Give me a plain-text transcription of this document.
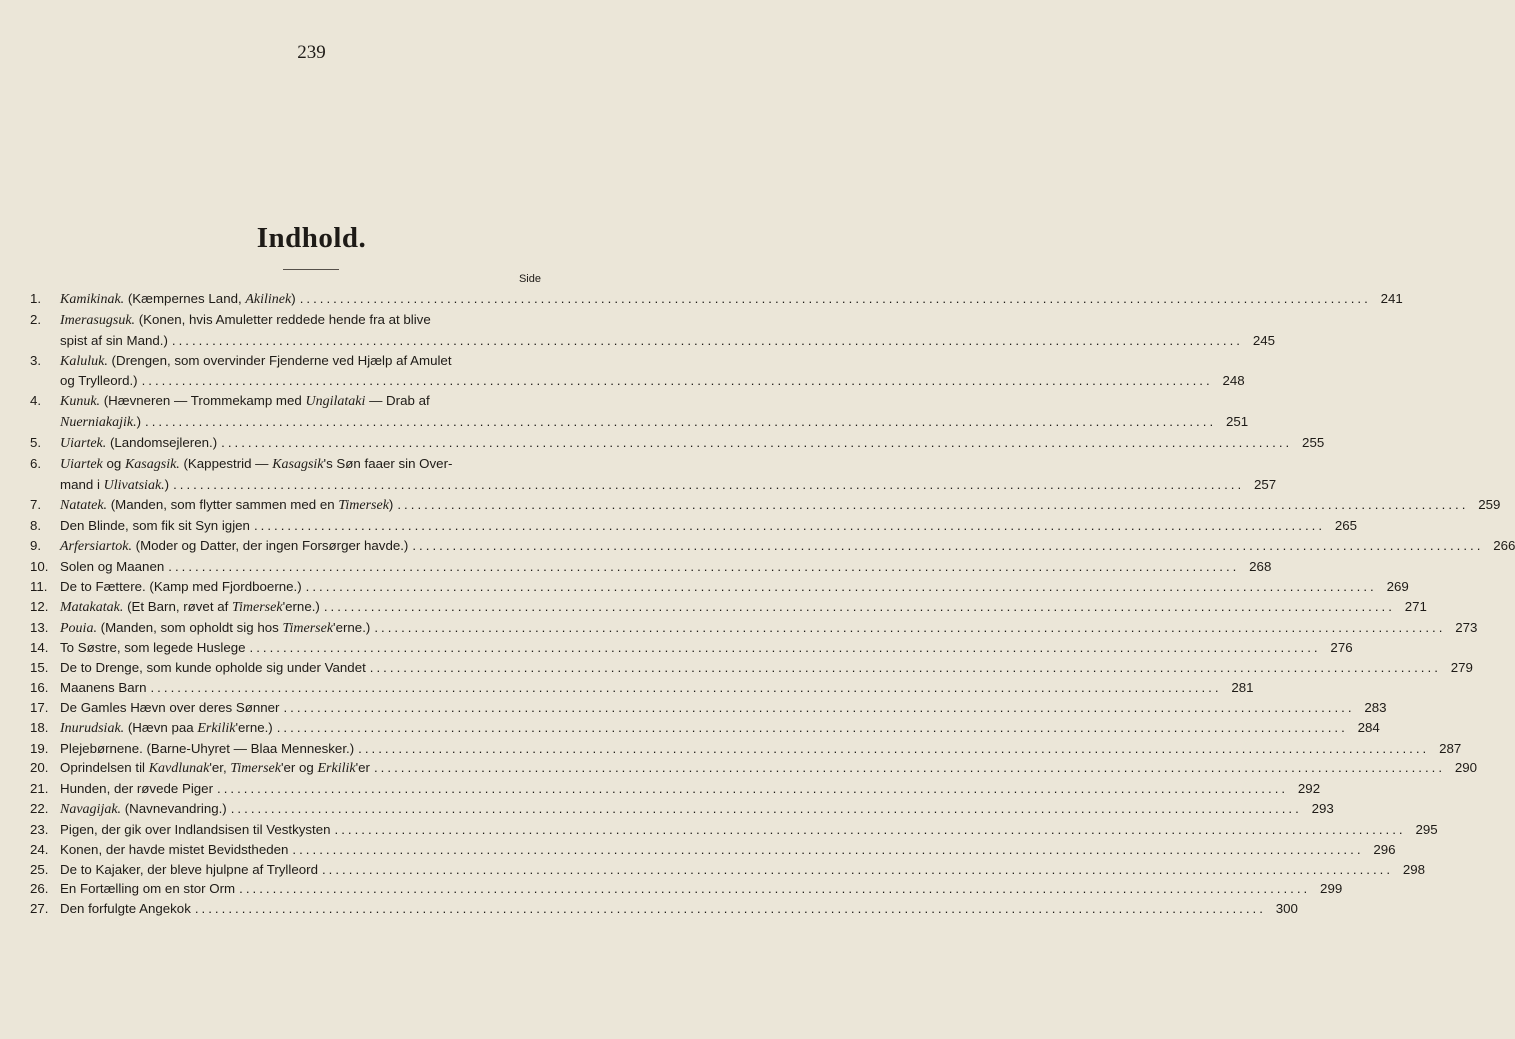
239
Indhold.
Side
1.	Kamikinak. (Kæmpernes Land, Akilinek) ................................................................................................................................................................ 241
2.	Imerasugsuk. (Konen, hvis Amuletter reddede hende fra at blive
spist af sin Mand.) ................................................................................................................................................................ 245
3.	Kaluluk. (Drengen, som overvinder Fjenderne ved Hjælp af Amulet
og Trylleord.) ................................................................................................................................................................ 248
4.	Kunuk. (Hævneren — Trommekamp med Ungilataki — Drab af
Nuerniakajik.) ................................................................................................................................................................ 251
5.	Uiartek. (Landomsejleren.) ................................................................................................................................................................ 255
6.	Uiartek og Kasagsik. (Kappestrid — Kasagsik's Søn faaer sin Over-
mand i Ulivatsiak.) ................................................................................................................................................................ 257
7.	Natatek. (Manden, som flytter sammen med en Timersek) ................................................................................................................................................................ 259
8.	Den Blinde, som fik sit Syn igjen ................................................................................................................................................................ 265
9.	Arfersiartok. (Moder og Datter, der ingen Forsørger havde.) ................................................................................................................................................................ 266
10. Solen og Maanen ................................................................................................................................................................ 268
11. De to Fættere. (Kamp med Fjordboerne.) ................................................................................................................................................................ 269
12. Matakatak. (Et Barn, røvet af Timersek'erne.) ................................................................................................................................................................ 271
13. Pouia. (Manden, som opholdt sig hos Timersek'erne.) ................................................................................................................................................................ 273
14. To Søstre, som legede Huslege ................................................................................................................................................................ 276
15. De to Drenge, som kunde opholde sig under Vandet ................................................................................................................................................................ 279
16. Maanens Barn ................................................................................................................................................................ 281
17. De Gamles Hævn over deres Sønner ................................................................................................................................................................ 283
18. Inurudsiak. (Hævn paa Erkilik'erne.) ................................................................................................................................................................ 284
19. Plejebørnene. (Barne-Uhyret — Blaa Mennesker.) ................................................................................................................................................................ 287
20. Oprindelsen til Kavdlunak'er, Timersek'er og Erkilik'er ................................................................................................................................................................ 290
21. Hunden, der røvede Piger ................................................................................................................................................................ 292
22. Navagijak. (Navnevandring.) ................................................................................................................................................................ 293
23. Pigen, der gik over Indlandsisen til Vestkysten ................................................................................................................................................................ 295
24. Konen, der havde mistet Bevidstheden ................................................................................................................................................................ 296
25. De to Kajaker, der bleve hjulpne af Trylleord ................................................................................................................................................................ 298
26. En Fortælling om en stor Orm ................................................................................................................................................................ 299
27. Den forfulgte Angekok ................................................................................................................................................................ 300
